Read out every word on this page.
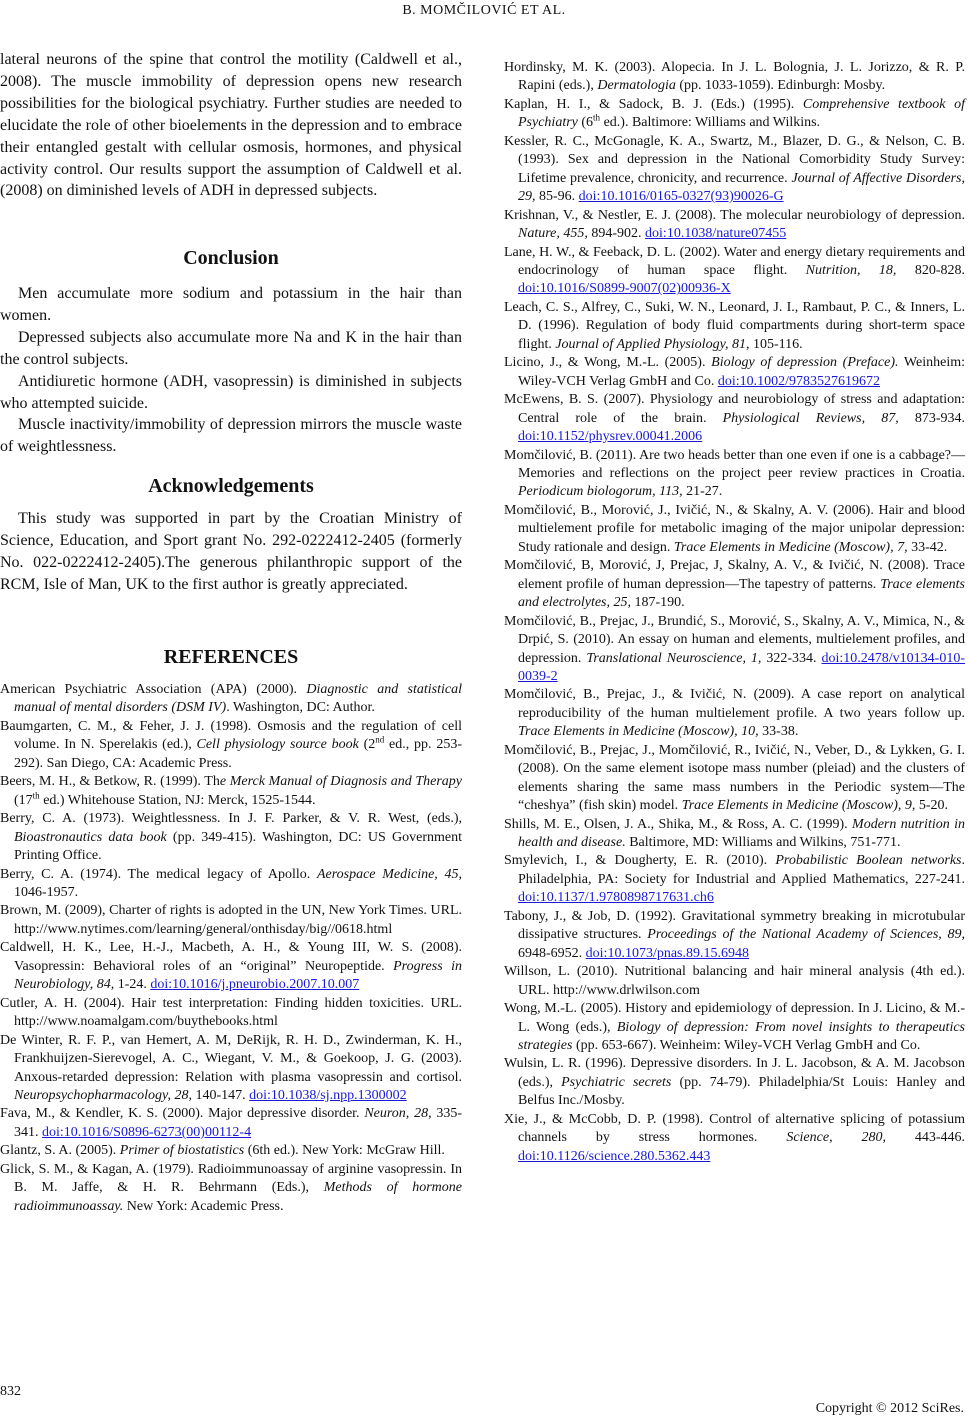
B. MOMČILOVIĆ ET AL.

lateral neurons of the spine that control the motility (Caldwell et al., 2008). The muscle immobility of depression opens new research possibilities for the biological psychiatry. Further studies are needed to elucidate the role of other bioelements in the depression and to embrace their entangled gestalt with cellular osmosis, hormones, and physical activity control. Our results support the assumption of Caldwell et al. (2008) on diminished levels of ADH in depressed subjects.

Conclusion

Men accumulate more sodium and potassium in the hair than women.

Depressed subjects also accumulate more Na and K in the hair than the control subjects.

Antidiuretic hormone (ADH, vasopressin) is diminished in subjects who attempted suicide.

Muscle inactivity/immobility of depression mirrors the muscle waste of weightlessness.

Acknowledgements

This study was supported in part by the Croatian Ministry of Science, Education, and Sport grant No. 292-0222412-2405 (formerly No. 022-0222412-2405).The generous philanthropic support of the RCM, Isle of Man, UK to the first author is greatly appreciated.

REFERENCES

American Psychiatric Association (APA) (2000). Diagnostic and statistical manual of mental disorders (DSM IV). Washington, DC: Author.

Baumgarten, C. M., & Feher, J. J. (1998). Osmosis and the regulation of cell volume. In N. Sperelakis (ed.), Cell physiology source book (2nd ed., pp. 253-292). San Diego, CA: Academic Press.

Beers, M. H., & Betkow, R. (1999). The Merck Manual of Diagnosis and Therapy (17th ed.) Whitehouse Station, NJ: Merck, 1525-1544.

Berry, C. A. (1973). Weightlessness. In J. F. Parker, & V. R. West, (eds.), Bioastronautics data book (pp. 349-415). Washington, DC: US Government Printing Office.

Berry, C. A. (1974). The medical legacy of Apollo. Aerospace Medicine, 45, 1046-1957.

Brown, M. (2009), Charter of rights is adopted in the UN, New York Times. URL. http://www.nytimes.com/learning/general/onthisday/big//0618.html

Caldwell, H. K., Lee, H.-J., Macbeth, A. H., & Young III, W. S. (2008). Vasopressin: Behavioral roles of an “original” Neuropeptide. Progress in Neurobiology, 84, 1-24. doi:10.1016/j.pneurobio.2007.10.007

Cutler, A. H. (2004). Hair test interpretation: Finding hidden toxicities. URL. http://www.noamalgam.com/buythebooks.html

De Winter, R. F. P., van Hemert, A. M, DeRijk, R. H. D., Zwinderman, K. H., Frankhuijzen-Sierevogel, A. C., Wiegant, V. M., & Goekoop, J. G. (2003). Anxous-retarded depression: Relation with plasma vasopressin and cortisol. Neuropsychopharmacology, 28, 140-147. doi:10.1038/sj.npp.1300002

Fava, M., & Kendler, K. S. (2000). Major depressive disorder. Neuron, 28, 335-341. doi:10.1016/S0896-6273(00)00112-4

Glantz, S. A. (2005). Primer of biostatistics (6th ed.). New York: McGraw Hill.

Glick, S. M., & Kagan, A. (1979). Radioimmunoassay of arginine vasopressin. In B. M. Jaffe, & H. R. Behrmann (Eds.), Methods of hormone radioimmunoassay. New York: Academic Press.

Hordinsky, M. K. (2003). Alopecia. In J. L. Bolognia, J. L. Jorizzo, & R. P. Rapini (eds.), Dermatologia (pp. 1033-1059). Edinburgh: Mosby.

Kaplan, H. I., & Sadock, B. J. (Eds.) (1995). Comprehensive textbook of Psychiatry (6th ed.). Baltimore: Williams and Wilkins.

Kessler, R. C., McGonagle, K. A., Swartz, M., Blazer, D. G., & Nelson, C. B. (1993). Sex and depression in the National Comorbidity Study Survey: Lifetime prevalence, chronicity, and recurrence. Journal of Affective Disorders, 29, 85-96. doi:10.1016/0165-0327(93)90026-G

Krishnan, V., & Nestler, E. J. (2008). The molecular neurobiology of depression. Nature, 455, 894-902. doi:10.1038/nature07455

Lane, H. W., & Feeback, D. L. (2002). Water and energy dietary requirements and endocrinology of human space flight. Nutrition, 18, 820-828. doi:10.1016/S0899-9007(02)00936-X

Leach, C. S., Alfrey, C., Suki, W. N., Leonard, J. I., Rambaut, P. C., & Inners, L. D. (1996). Regulation of body fluid compartments during short-term space flight. Journal of Applied Physiology, 81, 105-116.

Licino, J., & Wong, M.-L. (2005). Biology of depression (Preface). Weinheim: Wiley-VCH Verlag GmbH and Co. doi:10.1002/9783527619672

McEwens, B. S. (2007). Physiology and neurobiology of stress and adaptation: Central role of the brain. Physiological Reviews, 87, 873-934. doi:10.1152/physrev.00041.2006

Momčilović, B. (2011). Are two heads better than one even if one is a cabbage?—Memories and reflections on the project peer review practices in Croatia. Periodicum biologorum, 113, 21-27.

Momčilović, B., Morović, J., Ivičić, N., & Skalny, A. V. (2006). Hair and blood multielement profile for metabolic imaging of the major unipolar depression: Study rationale and design. Trace Elements in Medicine (Moscow), 7, 33-42.

Momčilović, B, Morović, J, Prejac, J, Skalny, A. V., & Ivičić, N. (2008). Trace element profile of human depression—The tapestry of patterns. Trace elements and electrolytes, 25, 187-190.

Momčilović, B., Prejac, J., Brundić, S., Morović, S., Skalny, A. V., Mimica, N., & Drpić, S. (2010). An essay on human and elements, multielement profiles, and depression. Translational Neuroscience, 1, 322-334. doi:10.2478/v10134-010-0039-2

Momčilović, B., Prejac, J., & Ivičić, N. (2009). A case report on analytical reproducibility of the human multielement profile. A two years follow up. Trace Elements in Medicine (Moscow), 10, 33-38.

Momčilović, B., Prejac, J., Momčilović, R., Ivičić, N., Veber, D., & Lykken, G. I. (2008). On the same element isotope mass number (pleiad) and the clusters of elements sharing the same mass numbers in the Periodic system—The “cheshya” (fish skin) model. Trace Elements in Medicine (Moscow), 9, 5-20.

Shills, M. E., Olsen, J. A., Shika, M., & Ross, A. C. (1999). Modern nutrition in health and disease. Baltimore, MD: Williams and Wilkins, 751-771.

Smylevich, I., & Dougherty, E. R. (2010). Probabilistic Boolean networks. Philadelphia, PA: Society for Industrial and Applied Mathematics, 227-241. doi:10.1137/1.9780898717631.ch6

Tabony, J., & Job, D. (1992). Gravitational symmetry breaking in microtubular dissipative structures. Proceedings of the National Academy of Sciences, 89, 6948-6952. doi:10.1073/pnas.89.15.6948

Willson, L. (2010). Nutritional balancing and hair mineral analysis (4th ed.). URL. http://www.drlwilson.com

Wong, M.-L. (2005). History and epidemiology of depression. In J. Licino, & M.-L. Wong (eds.), Biology of depression: From novel insights to therapeutics strategies (pp. 653-667). Weinheim: Wiley-VCH Verlag GmbH and Co.

Wulsin, L. R. (1996). Depressive disorders. In J. L. Jacobson, & A. M. Jacobson (eds.), Psychiatric secrets (pp. 74-79). Philadelphia/St Louis: Hanley and Belfus Inc./Mosby.

Xie, J., & McCobb, D. P. (1998). Control of alternative splicing of potassium channels by stress hormones. Science, 280, 443-446. doi:10.1126/science.280.5362.443

832
Copyright © 2012 SciRes.
